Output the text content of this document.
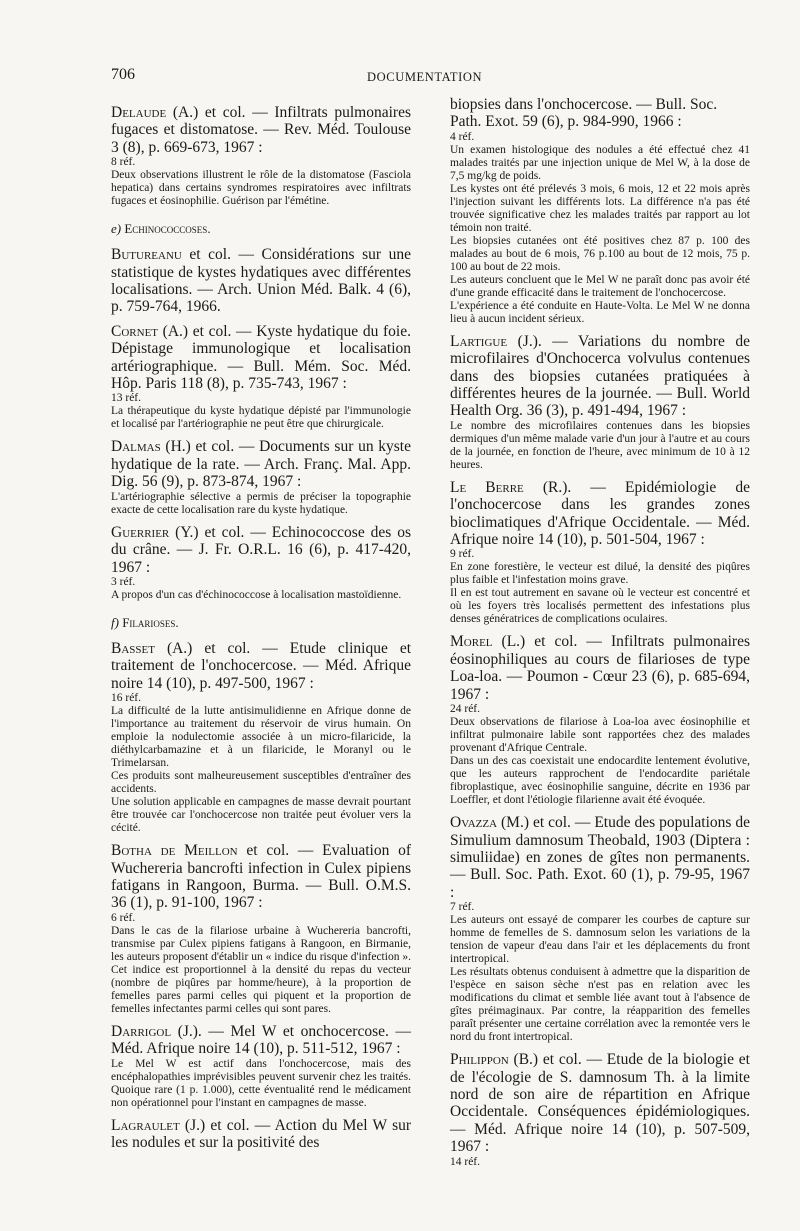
706	DOCUMENTATION

Delaude (A.) et col. — Infiltrats pulmonaires fugaces et distomatose. — Rev. Méd. Toulouse 3 (8), p. 669-673, 1967 :

8 réf.

Deux observations illustrent le rôle de la distomatose (Fasciola hepatica) dans certains syndromes respiratoires avec infiltrats fugaces et éosinophilie. Guérison par l'émétine.

e) Echinococcoses.

Butureanu et col. — Considérations sur une statistique de kystes hydatiques avec différentes localisations. — Arch. Union Méd. Balk. 4 (6), p. 759-764, 1966.

Cornet (A.) et col. — Kyste hydatique du foie. Dépistage immunologique et localisation artériographique. — Bull. Mém. Soc. Méd. Hôp. Paris 118 (8), p. 735-743, 1967 :

13 réf.

La thérapeutique du kyste hydatique dépisté par l'immunologie et localisé par l'artériographie ne peut être que chirurgicale.

Dalmas (H.) et col. — Documents sur un kyste hydatique de la rate. — Arch. Franç. Mal. App. Dig. 56 (9), p. 873-874, 1967 :

L'artériographie sélective a permis de préciser la topographie exacte de cette localisation rare du kyste hydatique.

Guerrier (Y.) et col. — Echinococcose des os du crâne. — J. Fr. O.R.L. 16 (6), p. 417-420, 1967 :

3 réf.

A propos d'un cas d'échinococcose à localisation mastoïdienne.

f) Filarioses.

Basset (A.) et col. — Etude clinique et traitement de l'onchocercose. — Méd. Afrique noire 14 (10), p. 497-500, 1967 :

16 réf.

La difficulté de la lutte antisimulidienne en Afrique donne de l'importance au traitement du réservoir de virus humain. On emploie la nodulectomie associée à un micro-filaricide, la diéthylcarbamazine et à un filaricide, le Moranyl ou le Trimelarsan.

Ces produits sont malheureusement susceptibles d'entraîner des accidents.

Une solution applicable en campagnes de masse devrait pourtant être trouvée car l'onchocercose non traitée peut évoluer vers la cécité.

Botha de Meillon et col. — Evaluation of Wuchereria bancrofti infection in Culex pipiens fatigans in Rangoon, Burma. — Bull. O.M.S. 36 (1), p. 91-100, 1967 :

6 réf.

Dans le cas de la filariose urbaine à Wuchereria bancrofti, transmise par Culex pipiens fatigans à Rangoon, en Birmanie, les auteurs proposent d'établir un « indice du risque d'infection ». Cet indice est proportionnel à la densité du repas du vecteur (nombre de piqûres par homme/heure), à la proportion de femelles pares parmi celles qui piquent et la proportion de femelles infectantes parmi celles qui sont pares.

Darrigol (J.). — Mel W et onchocercose. — Méd. Afrique noire 14 (10), p. 511-512, 1967 :

Le Mel W est actif dans l'onchocercose, mais des encéphalopathies imprévisibles peuvent survenir chez les traités. Quoique rare (1 p. 1.000), cette éventualité rend le médicament non opérationnel pour l'instant en campagnes de masse.

Lagraulet (J.) et col. — Action du Mel W sur les nodules et sur la positivité des

biopsies dans l'onchocercose. — Bull. Soc. Path. Exot. 59 (6), p. 984-990, 1966 :

4 réf.

Un examen histologique des nodules a été effectué chez 41 malades traités par une injection unique de Mel W, à la dose de 7,5 mg/kg de poids.

Les kystes ont été prélevés 3 mois, 6 mois, 12 et 22 mois après l'injection suivant les différents lots. La différence n'a pas été trouvée significative chez les malades traités par rapport au lot témoin non traité.

Les biopsies cutanées ont été positives chez 87 p. 100 des malades au bout de 6 mois, 76 p.100 au bout de 12 mois, 75 p. 100 au bout de 22 mois.

Les auteurs concluent que le Mel W ne paraît donc pas avoir été d'une grande efficacité dans le traitement de l'onchocercose.

L'expérience a été conduite en Haute-Volta. Le Mel W ne donna lieu à aucun incident sérieux.

Lartigue (J.). — Variations du nombre de microfilaires d'Onchocerca volvulus contenues dans des biopsies cutanées pratiquées à différentes heures de la journée. — Bull. World Health Org. 36 (3), p. 491-494, 1967 :

Le nombre des microfilaires contenues dans les biopsies dermiques d'un même malade varie d'un jour à l'autre et au cours de la journée, en fonction de l'heure, avec minimum de 10 à 12 heures.

Le Berre (R.). — Epidémiologie de l'onchocercose dans les grandes zones bioclimatiques d'Afrique Occidentale. — Méd. Afrique noire 14 (10), p. 501-504, 1967 :

9 réf.

En zone forestière, le vecteur est dilué, la densité des piqûres plus faible et l'infestation moins grave.

Il en est tout autrement en savane où le vecteur est concentré et où les foyers très localisés permettent des infestations plus denses génératrices de complications oculaires.

Morel (L.) et col. — Infiltrats pulmonaires éosinophiliques au cours de filarioses de type Loa-loa. — Poumon - Cœur 23 (6), p. 685-694, 1967 :

24 réf.

Deux observations de filariose à Loa-loa avec éosinophilie et infiltrat pulmonaire labile sont rapportées chez des malades provenant d'Afrique Centrale.

Dans un des cas coexistait une endocardite lentement évolutive, que les auteurs rapprochent de l'endocardite pariétale fibroplastique, avec éosinophilie sanguine, décrite en 1936 par Loeffler, et dont l'étiologie filarienne avait été évoquée.

Ovazza (M.) et col. — Etude des populations de Simulium damnosum Theobald, 1903 (Diptera : simuliidae) en zones de gîtes non permanents. — Bull. Soc. Path. Exot. 60 (1), p. 79-95, 1967 :

7 réf.

Les auteurs ont essayé de comparer les courbes de capture sur homme de femelles de S. damnosum selon les variations de la tension de vapeur d'eau dans l'air et les déplacements du front intertropical.

Les résultats obtenus conduisent à admettre que la disparition de l'espèce en saison sèche n'est pas en relation avec les modifications du climat et semble liée avant tout à l'absence de gîtes préimaginaux. Par contre, la réapparition des femelles paraît présenter une certaine corrélation avec la remontée vers le nord du front intertropical.

Philippon (B.) et col. — Etude de la biologie et de l'écologie de S. damnosum Th. à la limite nord de son aire de répartition en Afrique Occidentale. Conséquences épidémiologiques. — Méd. Afrique noire 14 (10), p. 507-509, 1967 :

14 réf.
